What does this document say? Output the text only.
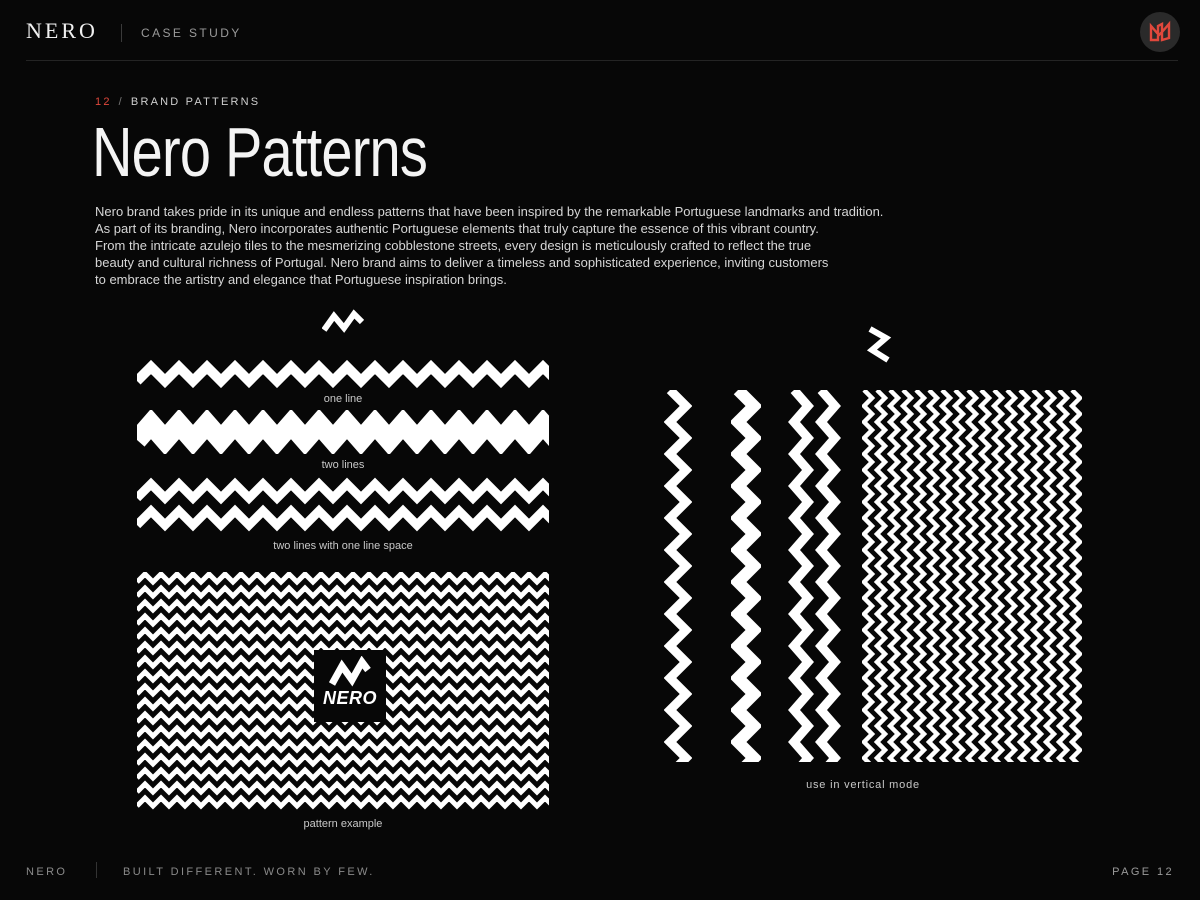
NERO	CASE STUDY
12 / BRAND PATTERNS
Nero Patterns
Nero brand takes pride in its unique and endless patterns that have been inspired by the remarkable Portuguese landmarks and tradition.
As part of its branding, Nero incorporates authentic Portuguese elements that truly capture the essence of this vibrant country.
From the intricate azulejo tiles to the mesmerizing cobblestone streets, every design is meticulously crafted to reflect the true
beauty and cultural richness of Portugal. Nero brand aims to deliver a timeless and sophisticated experience, inviting customers
to embrace the artistry and elegance that Portuguese inspiration brings.
one line
two lines
two lines with one line space
NERO
pattern example
use in vertical mode
NERO	BUILT DIFFERENT. WORN BY FEW.	PAGE 12
